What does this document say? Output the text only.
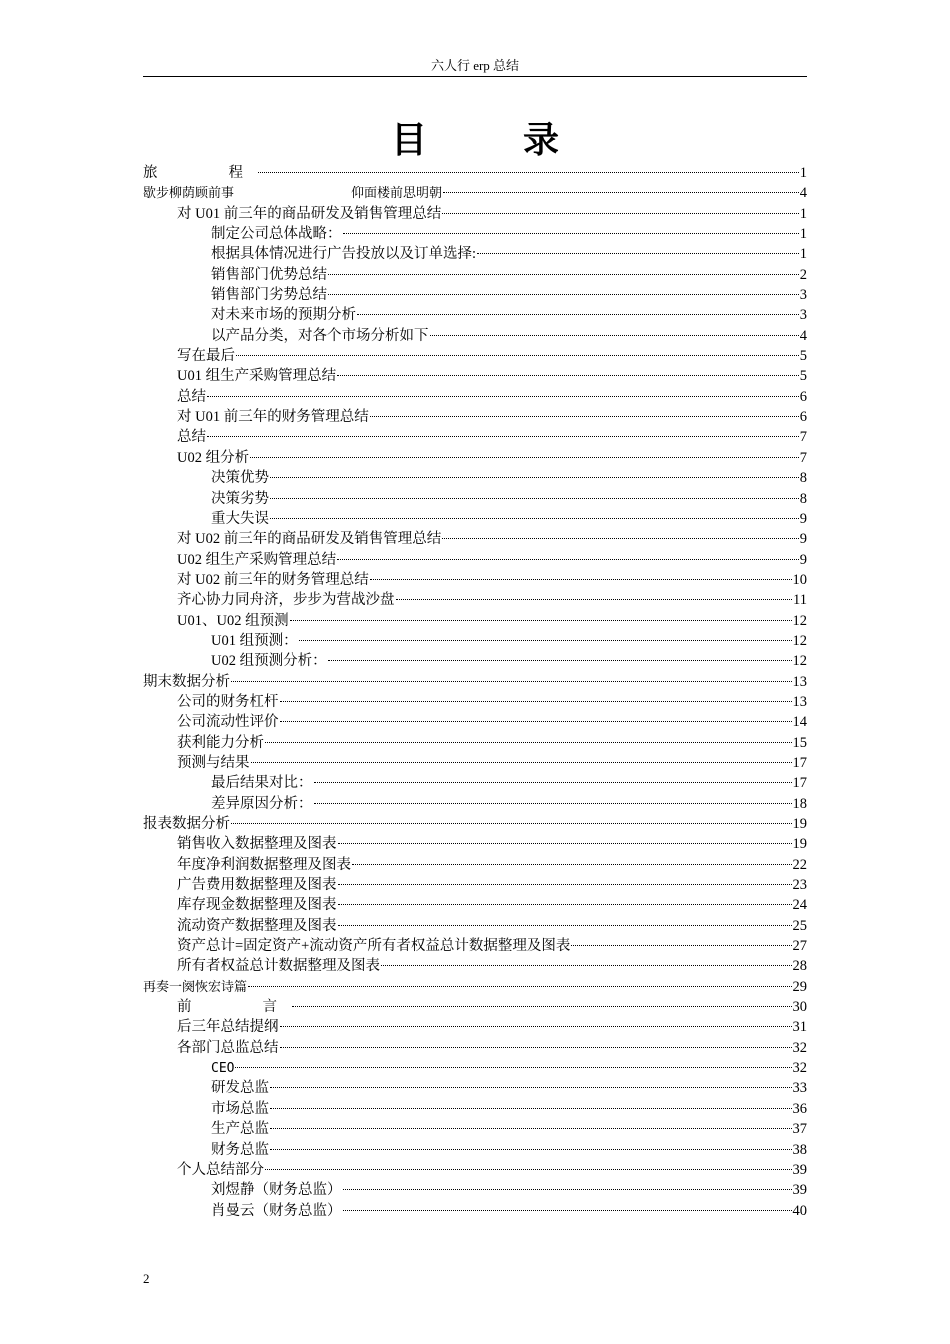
六人行 erp 总结
目　录
旅　　程	1
歇步柳荫顾前事　　　　　　　　　仰面楼前思明朝	4
对 U01 前三年的商品研发及销售管理总结	1
制定公司总体战略：	1
根据具体情况进行广告投放以及订单选择:	1
销售部门优势总结	2
销售部门劣势总结	3
对未来市场的预期分析	3
以产品分类，对各个市场分析如下	4
写在最后	5
U01 组生产采购管理总结	5
总结	6
对 U01 前三年的财务管理总结	6
总结	7
U02 组分析	7
决策优势	8
决策劣势	8
重大失误	9
对 U02 前三年的商品研发及销售管理总结	9
U02 组生产采购管理总结	9
对 U02 前三年的财务管理总结	10
齐心协力同舟济，步步为营战沙盘	11
U01、U02 组预测	12
U01 组预测：	12
U02 组预测分析：	12
期末数据分析	13
公司的财务杠杆	13
公司流动性评价	14
获利能力分析	15
预测与结果	17
最后结果对比：	17
差异原因分析：	18
报表数据分析	19
销售收入数据整理及图表	19
年度净利润数据整理及图表	22
广告费用数据整理及图表	23
库存现金数据整理及图表	24
流动资产数据整理及图表	25
资产总计=固定资产+流动资产所有者权益总计数据整理及图表	27
所有者权益总计数据整理及图表	28
再奏一阕恢宏诗篇	29
前　　言	30
后三年总结提纲	31
各部门总监总结	32
CEO	32
研发总监	33
市场总监	36
生产总监	37
财务总监	38
个人总结部分	39
刘煜静（财务总监）	39
肖曼云（财务总监）	40
2
